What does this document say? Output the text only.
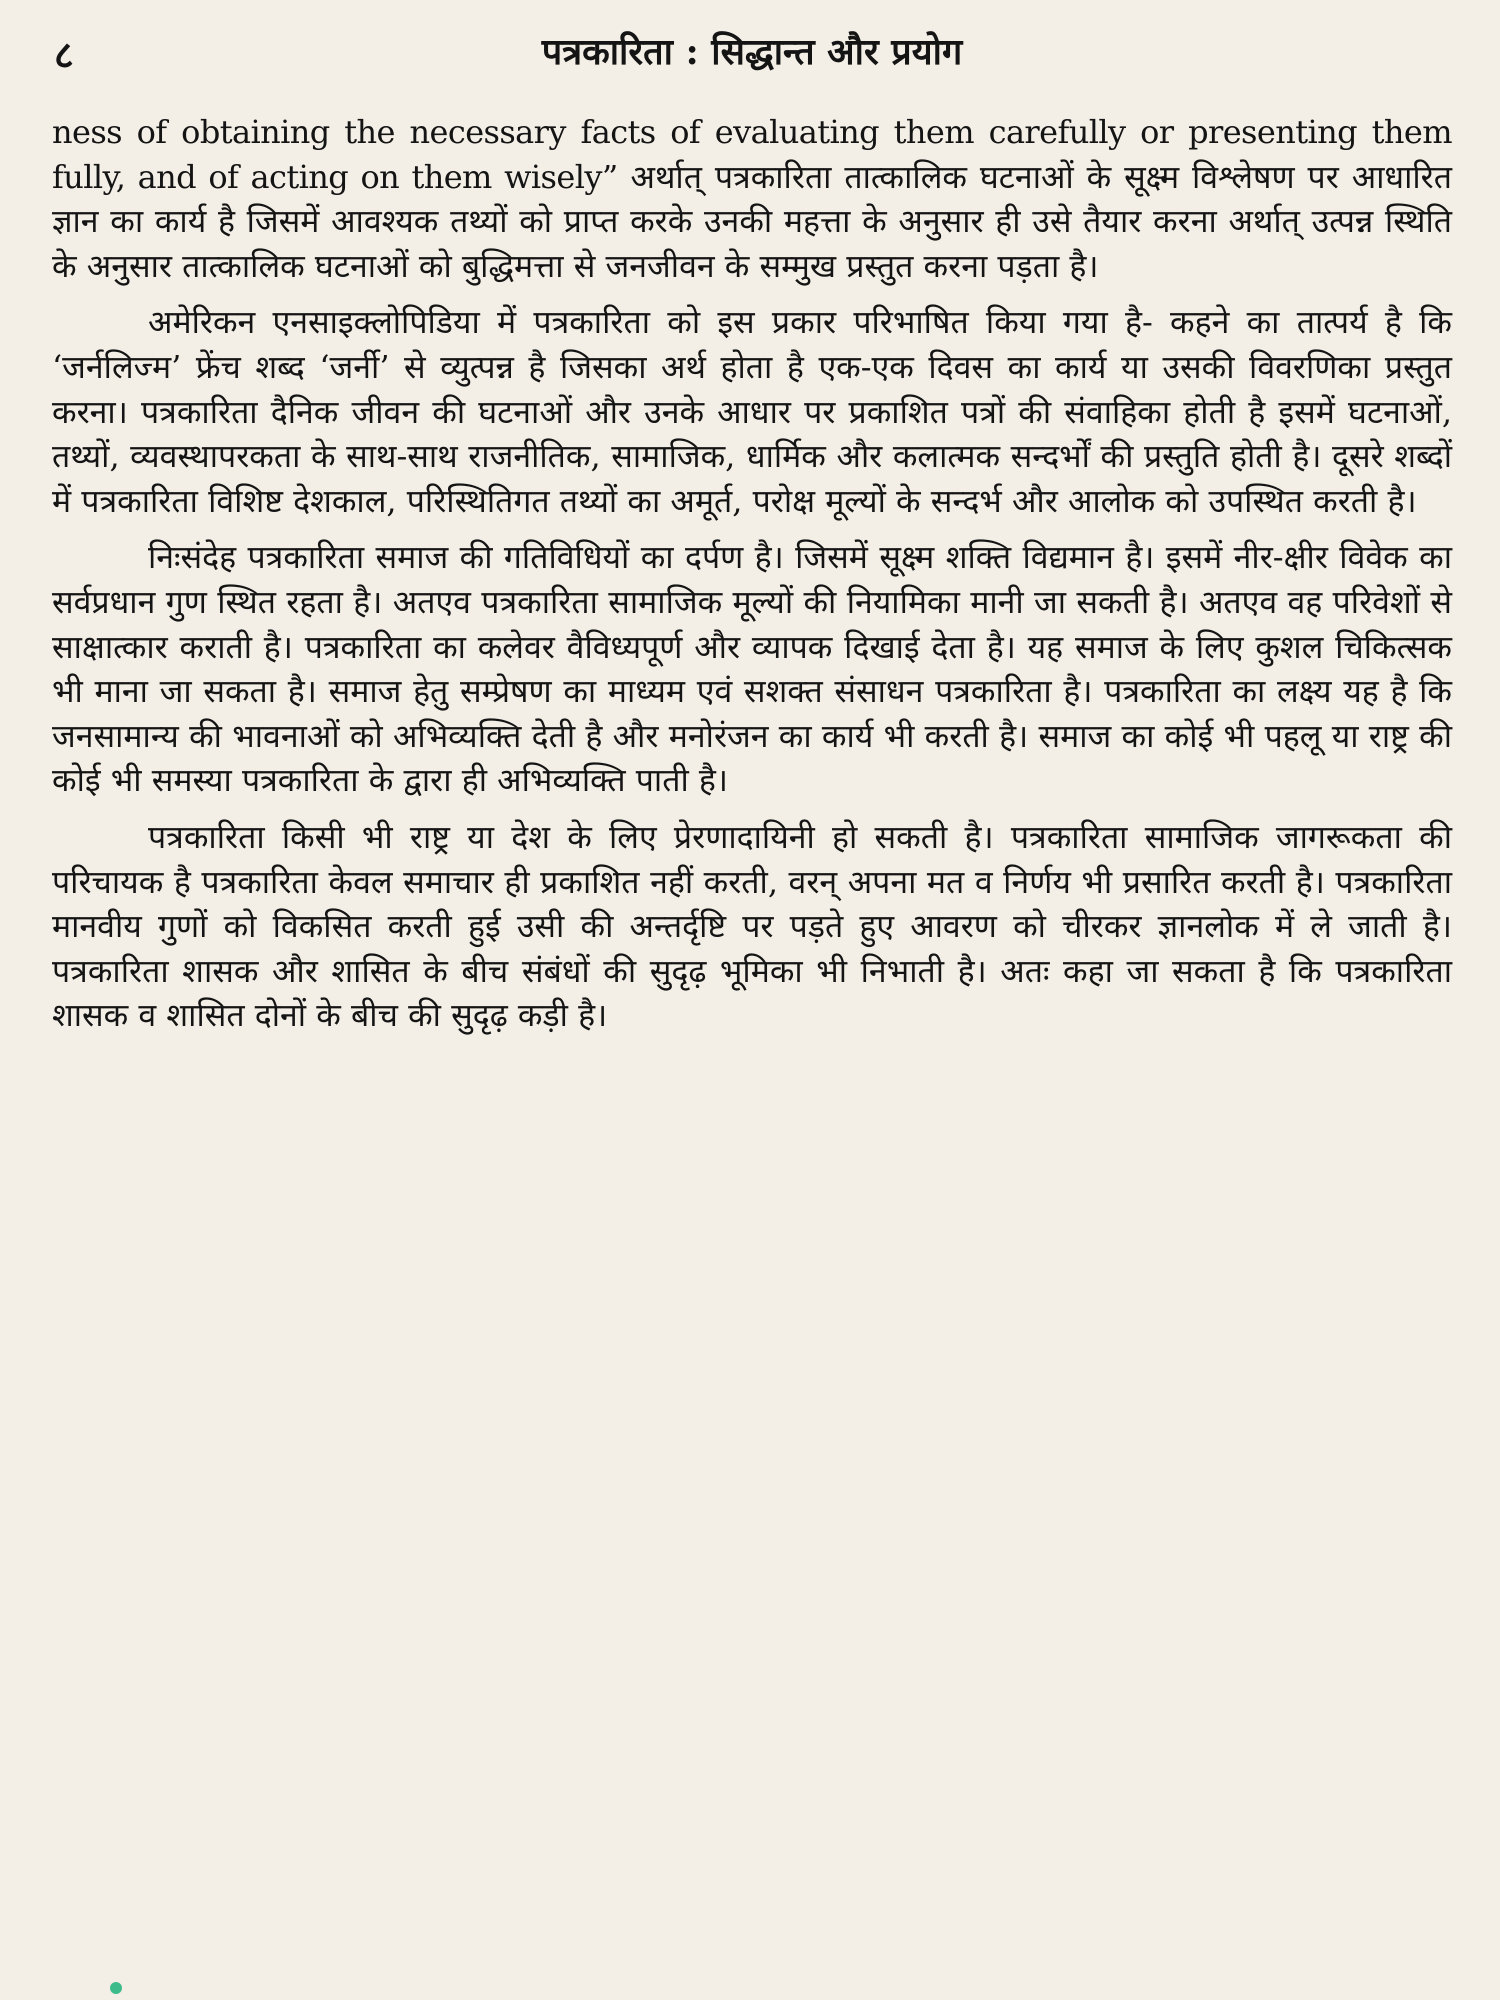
८	पत्रकारिता : सिद्धान्त और प्रयोग

ness of obtaining the necessary facts of evaluating them carefully or presenting them fully, and of acting on them wisely” अर्थात् पत्रकारिता तात्कालिक घटनाओं के सूक्ष्म विश्लेषण पर आधारित ज्ञान का कार्य है जिसमें आवश्यक तथ्यों को प्राप्त करके उनकी महत्ता के अनुसार ही उसे तैयार करना अर्थात् उत्पन्न स्थिति के अनुसार तात्कालिक घटनाओं को बुद्धिमत्ता से जनजीवन के सम्मुख प्रस्तुत करना पड़ता है।

अमेरिकन एनसाइक्लोपिडिया में पत्रकारिता को इस प्रकार परिभाषित किया गया है- कहने का तात्पर्य है कि ‘जर्नलिज्म’ फ्रेंच शब्द ‘जर्नी’ से व्युत्पन्न है जिसका अर्थ होता है एक-एक दिवस का कार्य या उसकी विवरणिका प्रस्तुत करना। पत्रकारिता दैनिक जीवन की घटनाओं और उनके आधार पर प्रकाशित पत्रों की संवाहिका होती है इसमें घटनाओं, तथ्यों, व्यवस्थापरकता के साथ-साथ राजनीतिक, सामाजिक, धार्मिक और कलात्मक सन्दर्भों की प्रस्तुति होती है। दूसरे शब्दों में पत्रकारिता विशिष्ट देशकाल, परिस्थितिगत तथ्यों का अमूर्त, परोक्ष मूल्यों के सन्दर्भ और आलोक को उपस्थित करती है।

निःसंदेह पत्रकारिता समाज की गतिविधियों का दर्पण है। जिसमें सूक्ष्म शक्ति विद्यमान है। इसमें नीर-क्षीर विवेक का सर्वप्रधान गुण स्थित रहता है। अतएव पत्रकारिता सामाजिक मूल्यों की नियामिका मानी जा सकती है। अतएव वह परिवेशों से साक्षात्कार कराती है। पत्रकारिता का कलेवर वैविध्यपूर्ण और व्यापक दिखाई देता है। यह समाज के लिए कुशल चिकित्सक भी माना जा सकता है। समाज हेतु सम्प्रेषण का माध्यम एवं सशक्त संसाधन पत्रकारिता है। पत्रकारिता का लक्ष्य यह है कि जनसामान्य की भावनाओं को अभिव्यक्ति देती है और मनोरंजन का कार्य भी करती है। समाज का कोई भी पहलू या राष्ट्र की कोई भी समस्या पत्रकारिता के द्वारा ही अभिव्यक्ति पाती है।

पत्रकारिता किसी भी राष्ट्र या देश के लिए प्रेरणादायिनी हो सकती है। पत्रकारिता सामाजिक जागरूकता की परिचायक है पत्रकारिता केवल समाचार ही प्रकाशित नहीं करती, वरन् अपना मत व निर्णय भी प्रसारित करती है। पत्रकारिता मानवीय गुणों को विकसित करती हुई उसी की अन्तर्दृष्टि पर पड़ते हुए आवरण को चीरकर ज्ञानलोक में ले जाती है। पत्रकारिता शासक और शासित के बीच संबंधों की सुदृढ़ भूमिका भी निभाती है। अतः कहा जा सकता है कि पत्रकारिता शासक व शासित दोनों के बीच की सुदृढ़ कड़ी है।
